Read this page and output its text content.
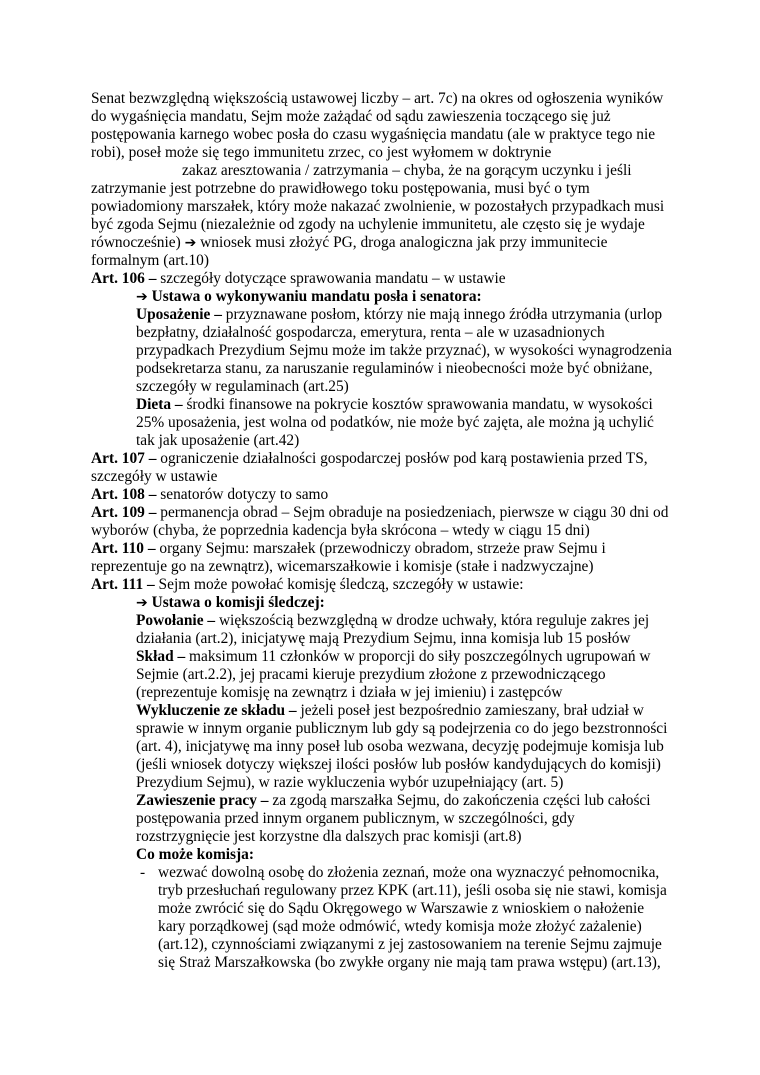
Senat bezwzględną większością ustawowej liczby – art. 7c) na okres od ogłoszenia wyników
do wygaśnięcia mandatu, Sejm może zażądać od sądu zawieszenia toczącego się już
postępowania karnego wobec posła do czasu wygaśnięcia mandatu (ale w praktyce tego nie
robi), poseł może się tego immunitetu zrzec, co jest wyłomem w doktrynie
zakaz aresztowania / zatrzymania – chyba, że na gorącym uczynku i jeśli
zatrzymanie jest potrzebne do prawidłowego toku postępowania, musi być o tym
powiadomiony marszałek, który może nakazać zwolnienie, w pozostałych przypadkach musi
być zgoda Sejmu (niezależnie od zgody na uchylenie immunitetu, ale często się je wydaje
równocześnie) ➔ wniosek musi złożyć PG, droga analogiczna jak przy immunitecie
formalnym (art.10)
Art. 106 – szczegóły dotyczące sprawowania mandatu – w ustawie
➔ Ustawa o wykonywaniu mandatu posła i senatora:
Uposażenie – przyznawane posłom, którzy nie mają innego źródła utrzymania (urlop
bezpłatny, działalność gospodarcza, emerytura, renta – ale w uzasadnionych
przypadkach Prezydium Sejmu może im także przyznać), w wysokości wynagrodzenia
podsekretarza stanu, za naruszanie regulaminów i nieobecności może być obniżane,
szczegóły w regulaminach (art.25)
Dieta – środki finansowe na pokrycie kosztów sprawowania mandatu, w wysokości
25% uposażenia, jest wolna od podatków, nie może być zajęta, ale można ją uchylić
tak jak uposażenie (art.42)
Art. 107 – ograniczenie działalności gospodarczej posłów pod karą postawienia przed TS,
szczegóły w ustawie
Art. 108 – senatorów dotyczy to samo
Art. 109 – permanencja obrad – Sejm obraduje na posiedzeniach, pierwsze w ciągu 30 dni od
wyborów (chyba, że poprzednia kadencja była skrócona – wtedy w ciągu 15 dni)
Art. 110 – organy Sejmu: marszałek (przewodniczy obradom, strzeże praw Sejmu i
reprezentuje go na zewnątrz), wicemarszałkowie i komisje (stałe i nadzwyczajne)
Art. 111 – Sejm może powołać komisję śledczą, szczegóły w ustawie:
➔ Ustawa o komisji śledczej:
Powołanie – większością bezwzględną w drodze uchwały, która reguluje zakres jej
działania (art.2), inicjatywę mają Prezydium Sejmu, inna komisja lub 15 posłów
Skład – maksimum 11 członków w proporcji do siły poszczególnych ugrupowań w
Sejmie (art.2.2), jej pracami kieruje prezydium złożone z przewodniczącego
(reprezentuje komisję na zewnątrz i działa w jej imieniu) i zastępców
Wykluczenie ze składu – jeżeli poseł jest bezpośrednio zamieszany, brał udział w
sprawie w innym organie publicznym lub gdy są podejrzenia co do jego bezstronności
(art. 4), inicjatywę ma inny poseł lub osoba wezwana, decyzję podejmuje komisja lub
(jeśli wniosek dotyczy większej ilości posłów lub posłów kandydujących do komisji)
Prezydium Sejmu), w razie wykluczenia wybór uzupełniający (art. 5)
Zawieszenie pracy – za zgodą marszałka Sejmu, do zakończenia części lub całości
postępowania przed innym organem publicznym, w szczególności, gdy
rozstrzygnięcie jest korzystne dla dalszych prac komisji (art.8)
Co może komisja:
- wezwać dowolną osobę do złożenia zeznań, może ona wyznaczyć pełnomocnika,
tryb przesłuchań regulowany przez KPK (art.11), jeśli osoba się nie stawi, komisja
może zwrócić się do Sądu Okręgowego w Warszawie z wnioskiem o nałożenie
kary porządkowej (sąd może odmówić, wtedy komisja może złożyć zażalenie)
(art.12), czynnościami związanymi z jej zastosowaniem na terenie Sejmu zajmuje
się Straż Marszałkowska (bo zwykłe organy nie mają tam prawa wstępu) (art.13),
